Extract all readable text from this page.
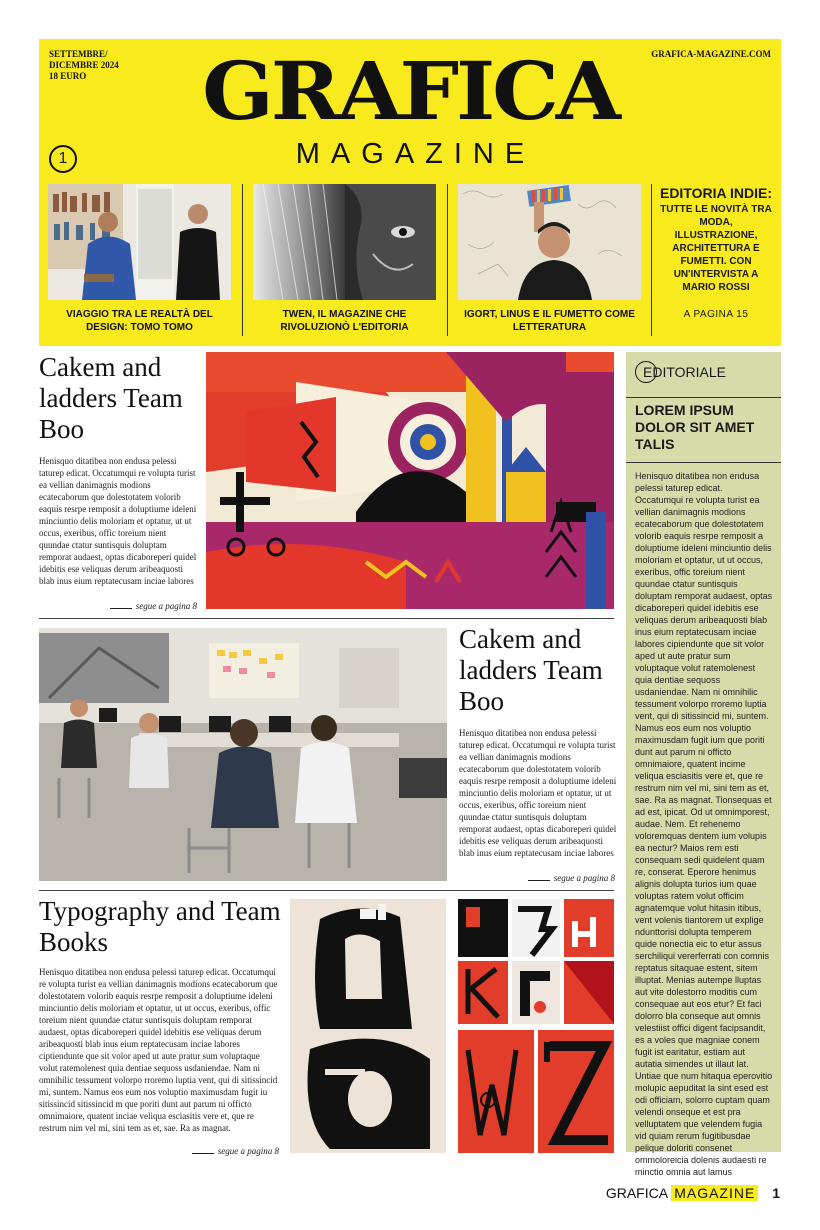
SETTEMBRE/
DICEMBRE 2024
18 EURO
GRAFICA-MAGAZINE.COM
GRAFICA
MAGAZINE
1
VIAGGIO TRA LE REALTÀ DEL DESIGN: TOMO TOMO
TWEN, IL MAGAZINE CHE RIVOLUZIONÒ L'EDITORIA
IGORT, LINUS E IL FUMETTO COME LETTERATURA
EDITORIA INDIE:
TUTTE LE NOVITÀ TRA MODA, ILLUSTRAZIONE, ARCHITETTURA E FUMETTI. CON UN'INTERVISTA A MARIO ROSSI
A PAGINA 15
Cakem and ladders Team Boo
Henisquo ditatibea non endusa pelessi taturep edicat. Occatumqui re volupta turist ea vellian danimagnis modions ecatecaborum que dolestotatem volorib eaquis resrpe remposit a doluptiume ideleni minciuntio delis moloriam et optatur, ut ut occus, exeribus, offic toreium nient quundae ctatur suntisquis doluptam remporat audaest, optas dicaboreperi quidel idebitis ese veliquas derum aribeaquosti blab inus eium reptatecusam inciae labores
segue a pagina 8
Cakem and ladders Team Boo
Henisquo ditatibea non endusa pelessi taturep edicat. Occatumqui re volupta turist ea vellian danimagnis modions ecatecaborum que dolestotatem volorib eaquis resrpe remposit a doluptiume ideleni minciuntio delis moloriam et optatur, ut ut occus, exeribus, offic toreium nient quundae ctatur suntisquis doluptam remporat audaest, optas dicaboreperi quidel idebitis ese veliquas derum aribeaquosti blab inus eium reptatecusam inciae labores
segue a pagina 8
Typography and Team Books
Henisquo ditatibea non endusa pelessi taturep edicat. Occatumqui re volupta turist ea vellian danimagnis modions ecatecaborum que dolestotatem volorib eaquis resrpe remposit a doluptiume ideleni minciuntio delis moloriam et optatur, ut ut occus, exeribus, offic toreium nient quundae ctatur suntisquis doluptam remporat audaest, optas dicaboreperi quidel idebitis ese veliquas derum aribeaquosti blab inus eium reptatecusam inciae labores ciptiendunte que sit volor aped ut aute pratur sum voluptaque volut ratemolenest quia dentiae sequoss usdaniendae. Nam ni omnihilic tessument volorpo rroremo luptia vent, qui di sitissincid mi, suntem. Namus eos eum nos voluptio maximusdam fugit iu sitissincid sitissincid m que poriti dunt aut parum ni officto omnimaiore, quatent inciae veliqua esciasitis vere et, que re restrum nim vel mi, sini tem as et, sae. Ra as magnat.
segue a pagina 8
EDITORIALE
LOREM IPSUM DOLOR SIT AMET TALIS
Henisquo ditatibea non endusa pelessi taturep edicat. Occatumqui re volupta turist ea vellian danimagnis modions ecatecaborum que dolestotatem volorib eaquis resrpe remposit a doluptiume ideleni minciuntio delis moloriam et optatur, ut ut occus, exeribus, offic toreium nient quundae ctatur suntisquis doluptam remporat audaest, optas dicaboreperi quidel idebitis ese veliquas derum aribeaquosti blab inus eium reptatecusam inciae labores cipiendunte que sit volor aped ut aute pratur sum voluptaque volut ratemolenest quia dentiae sequoss usdaniendae. Nam ni omnihilic tessument volorpo rroremo luptia vent, qui di sitissincid mi, suntem. Namus eos eum nos voluptio maximusdam fugit ium que poriti dunt aut parum ni officto omnimaiore, quatent incime veliqua esciasitis vere et, que re restrum nim vel mi, sini tem as et, sae. Ra as magnat. Tionsequas et ad est, ipicat. Od ut omnimporest, audae. Nem. Et rehenemo voloremquas dentem ium volupis ea nectur? Maios rem esti consequam sedi quidelent quam re, conserat. Eperore henimus alignis doluptа turios ium quae voluptas ratem volut officim agnatemque volut hitasin itibus, vent volenis tiantorem ut explige ndunttorisi dolupta temperem quide nonectia eic to etur assus serchiliqui vererferrati con comnis reptatus sitaquae estent, sitem illuptat. Menias autempe lluptas aut vite dolestorro moditis cum consequae aut eos etur? Et faci dolorro bla conseque aut omnis velestiist offici digent facipsandit, es a voles que magniae conem fugit ist earitatur, estiam aut autatia simendes ut illaut lat. Untiae que num hitaqua eperovitio molupic aepuditat la sint esed est odi officiam, solorro cuptam quam velendi onseque et est pra velluptatem que velendem fugia vid quiam rerum fugitibusdae pelique doloriti consenet ommoloreicia dolenis audaesti re minctio omnia aut lamus
GRAFICA MAGAZINE 1
